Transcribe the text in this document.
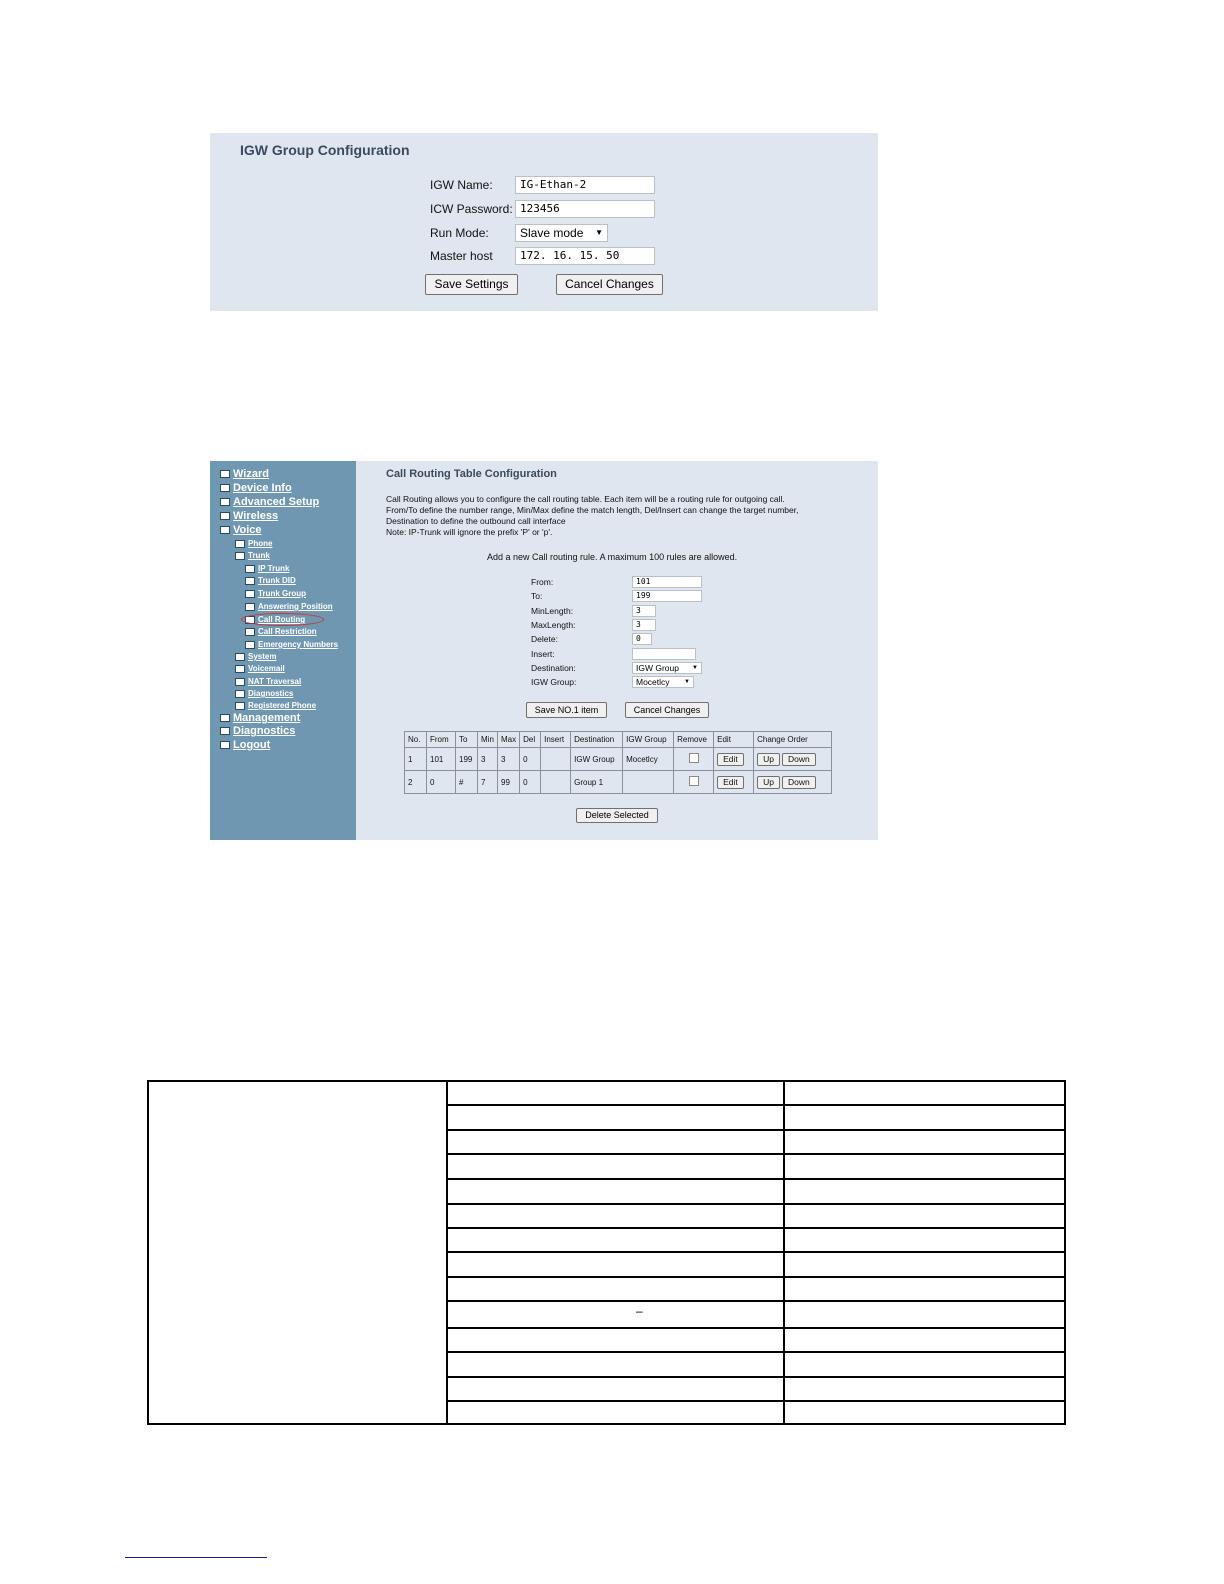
IGW Group Configuration
IGW Name:	IG-Ethan-2
ICW Password: 123456
Run Mode:	Slave mode ▼
Master host	172. 16. 15. 50
Save Settings	Cancel Changes
Wizard
Device Info
Advanced Setup
Wireless
Voice
Phone
Trunk
IP Trunk
Trunk DID
Trunk Group
Answering Position
Call Routing
Call Restriction
Emergency Numbers
System
Voicemail
NAT Traversal
Diagnostics
Registered Phone
Management
Diagnostics
Logout
Call Routing Table Configuration
Call Routing allows you to configure the call routing table. Each item will be a routing rule for outgoing call.
From/To define the number range, Min/Max define the match length, Del/Insert can change the target number,
Destination to define the outbound call interface
Note: IP-Trunk will ignore the prefix 'P' or 'p'.
Add a new Call routing rule. A maximum 100 rules are allowed.
From:	101
To:	199
MinLength:	3
MaxLength:	3
Delete:	0
Insert:
Destination:	IGW Group ▼
IGW Group:	Mocetlcy ▼
Save NO.1 item	Cancel Changes
No.	From	To	Min	Max	Del	Insert	Destination	IGW Group	Remove	Edit	Change Order
1	101	199	3	3	0		IGW Group	Mocetlcy		Edit	Up Down
2	0	#	7	99	0		Group 1			Edit	Up Down
Delete Selected
–
